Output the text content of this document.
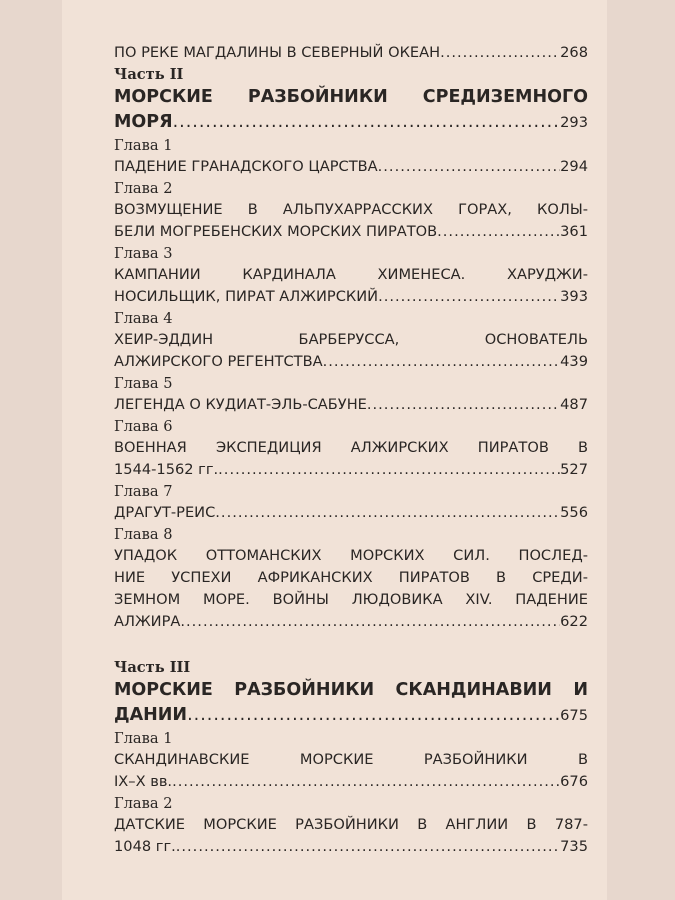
ПО РЕКЕ МАГДАЛИНЫ В СЕВЕРНЫЙ ОКЕАН .....	268
Часть II
МОРСКИЕ РАЗБОЙНИКИ СРЕДИЗЕМНОГО
МОРЯ .....	293
Глава 1
ПАДЕНИЕ ГРАНАДСКОГО ЦАРСТВА .....	294
Глава 2
ВОЗМУЩЕНИЕ В АЛЬПУХАРРАССКИХ ГОРАХ, КОЛЫ-
БЕЛИ МОГРЕБЕНСКИХ МОРСКИХ ПИРАТОВ .....	361
Глава 3
КАМПАНИИ КАРДИНАЛА ХИМЕНЕСА. ХАРУДЖИ-
НОСИЛЬЩИК, ПИРАТ АЛЖИРСКИЙ .....	393
Глава 4
ХЕИР-ЭДДИН БАРБЕРУССА, ОСНОВАТЕЛЬ
АЛЖИРСКОГО РЕГЕНТСТВА .....	439
Глава 5
ЛЕГЕНДА О КУДИАТ-ЭЛЬ-САБУНЕ .....	487
Глава 6
ВОЕННАЯ ЭКСПЕДИЦИЯ АЛЖИРСКИХ ПИРАТОВ В
1544-1562 гг. .....	527
Глава 7
ДРАГУТ-РЕИС .....	556
Глава 8
УПАДОК ОТТОМАНСКИХ МОРСКИХ СИЛ. ПОСЛЕД-
НИЕ УСПЕХИ АФРИКАНСКИХ ПИРАТОВ В СРЕДИ-
ЗЕМНОМ МОРЕ. ВОЙНЫ ЛЮДОВИКА XIV. ПАДЕНИЕ
АЛЖИРА .....	622
Часть III
МОРСКИЕ РАЗБОЙНИКИ СКАНДИНАВИИ И
ДАНИИ .....	675
Глава 1
СКАНДИНАВСКИЕ МОРСКИЕ РАЗБОЙНИКИ В
IX–X вв. .....	676
Глава 2
ДАТСКИЕ МОРСКИЕ РАЗБОЙНИКИ В АНГЛИИ В 787-
1048 гг. .....	735
